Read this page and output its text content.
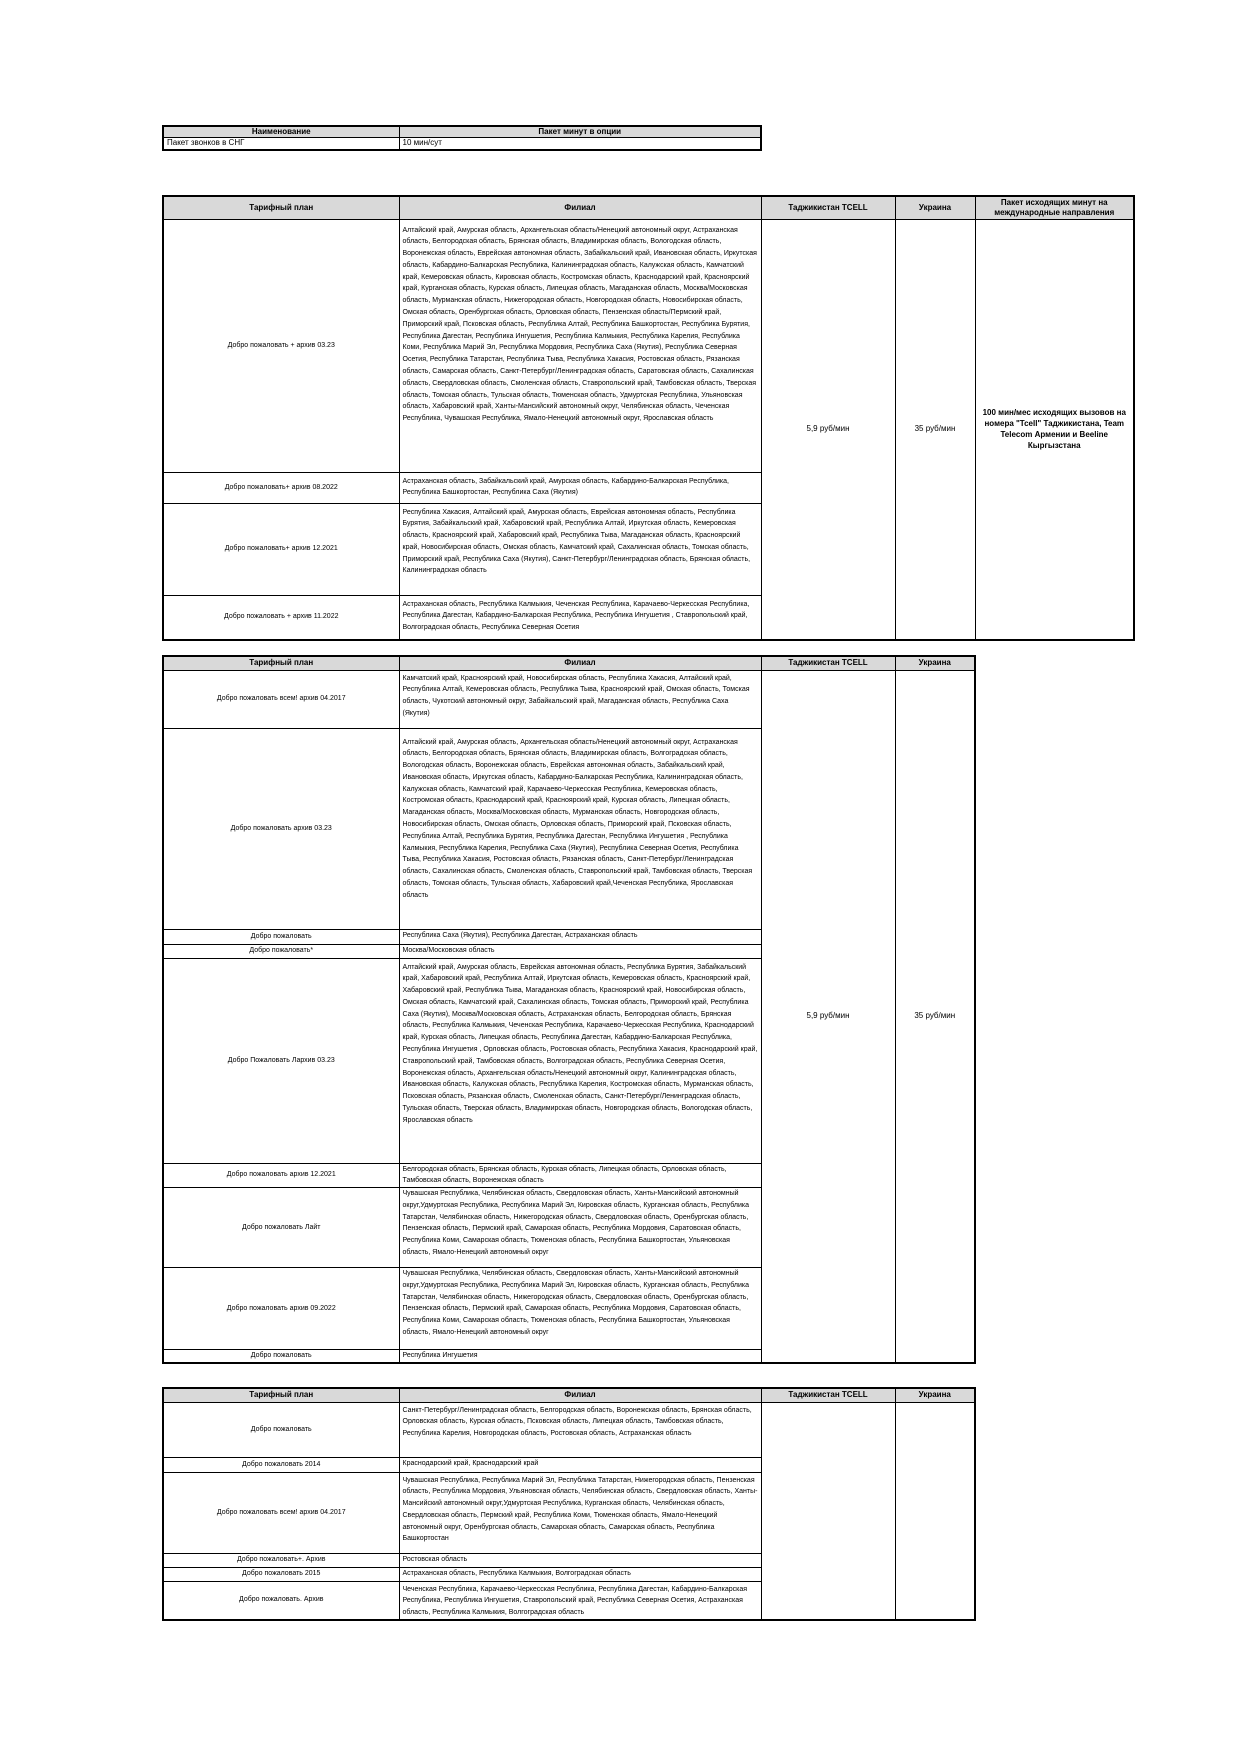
Наименование	Пакет минут в опции
Пакет звонков в СНГ	10 мин/сут
Тарифный план	Филиал	Таджикистан TCELL	Украина	Пакет исходящих минут на международные направления
Добро пожаловать + архив 03.23	Алтайский край, Амурская область, Архангельская область/Ненецкий автономный округ, Астраханская область, Белгородская область, Брянская область, Владимирская область, Вологодская область, Воронежская область, Еврейская автономная область, Забайкальский край, Ивановская область, Иркутская область, Кабардино-Балкарская Республика, Калининградская область, Калужская область, Камчатский край, Кемеровская область, Кировская область, Костромская область, Краснодарский край, Красноярский край, Курганская область, Курская область, Липецкая область, Магаданская область, Москва/Московская область, Мурманская область, Нижегородская область, Новгородская область, Новосибирская область, Омская область, Оренбургская область, Орловская область, Пензенская область/Пермский край, Приморский край, Псковская область, Республика Алтай, Республика Башкортостан, Республика Бурятия, Республика Дагестан, Республика Ингушетия, Республика Калмыкия, Республика Карелия, Республика Коми, Республика Марий Эл, Республика Мордовия, Республика Саха (Якутия), Республика Северная Осетия, Республика Татарстан, Республика Тыва, Республика Хакасия, Ростовская область, Рязанская область, Самарская область, Санкт-Петербург/Ленинградская область, Саратовская область, Сахалинская область, Свердловская область, Смоленская область, Ставропольский край, Тамбовская область, Тверская область, Томская область, Тульская область, Тюменская область, Удмуртская Республика, Ульяновская область, Хабаровский край, Ханты-Мансийский автономный округ, Челябинская область, Чеченская Республика, Чувашская Республика, Ямало-Ненецкий автономный округ, Ярославская область	5,9 руб/мин	35 руб/мин	100 мин/мес исходящих вызовов на номера "Tcell" Таджикистана, Team Telecom Армении и Beeline Кыргызстана
Добро пожаловать+ архив 08.2022	Астраханская область, Забайкальский край, Амурская область, Кабардино-Балкарская Республика, Республика Башкортостан, Республика Саха (Якутия)			
Добро пожаловать+ архив 12.2021	Республика Хакасия, Алтайский край, Амурская область, Еврейская автономная область, Республика Бурятия, Забайкальский край, Хабаровский край, Республика Алтай, Иркутская область, Кемеровская область, Красноярский край, Хабаровский край, Республика Тыва, Магаданская область, Красноярский край, Новосибирская область, Омская область, Камчатский край, Сахалинская область, Томская область, Приморский край, Республика Саха (Якутия), Санкт-Петербург/Ленинградская область, Брянская область, Калининградская область			
Добро пожаловать + архив 11.2022	Астраханская область, Республика Калмыкия, Чеченская Республика, Карачаево-Черкесская Республика, Республика Дагестан, Кабардино-Балкарская Республика, Республика Ингушетия , Ставропольский край, Волгоградская область, Республика Северная Осетия			
Тарифный план	Филиал	Таджикистан TCELL	Украина
Добро пожаловать всем! архив 04.2017	Камчатский край, Красноярский край, Новосибирская область, Республика Хакасия, Алтайский край, Республика Алтай, Кемеровская область, Республика Тыва, Красноярский край, Омская область, Томская область, Чукотский автономный округ, Забайкальский край, Магаданская область, Республика Саха (Якутия)	5,9 руб/мин	35 руб/мин
Добро пожаловать архив 03.23	Алтайский край, Амурская область, Архангельская область/Ненецкий автономный округ, Астраханская область, Белгородская область, Брянская область, Владимирская область, Волгоградская область, Вологодская область, Воронежская область, Еврейская автономная область, Забайкальский край, Ивановская область, Иркутская область, Кабардино-Балкарская Республика, Калининградская область, Калужская область, Камчатский край, Карачаево-Черкесская Республика, Кемеровская область, Костромская область, Краснодарский край, Красноярский край, Курская область, Липецкая область, Магаданская область, Москва/Московская область, Мурманская область, Новгородская область, Новосибирская область, Омская область, Орловская область, Приморский край, Псковская область, Республика Алтай, Республика Бурятия, Республика Дагестан, Республика Ингушетия , Республика Калмыкия, Республика Карелия, Республика Саха (Якутия), Республика Северная Осетия, Республика Тыва, Республика Хакасия, Ростовская область, Рязанская область, Санкт-Петербург/Ленинградская область, Сахалинская область, Смоленская область, Ставропольский край, Тамбовская область, Тверская область, Томская область, Тульская область, Хабаровский край,Чеченская Республика, Ярославская область		
Добро пожаловать	Республика Саха (Якутия), Республика Дагестан, Астраханская область		
Добро пожаловать*	Москва/Московская область		
Добро Пожаловать Лархив 03.23	Алтайский край, Амурская область, Еврейская автономная область, Республика Бурятия, Забайкальский край, Хабаровский край, Республика Алтай, Иркутская область, Кемеровская область, Красноярский край, Хабаровский край, Республика Тыва, Магаданская область, Красноярский край, Новосибирская область, Омская область, Камчатский край, Сахалинская область, Томская область, Приморский край, Республика Саха (Якутия), Москва/Московская область, Астраханская область, Белгородская область, Брянская область, Республика Калмыкия, Чеченская Республика, Карачаево-Черкесская Республика, Краснодарский край, Курская область, Липецкая область, Республика Дагестан, Кабардино-Балкарская Республика, Республика Ингушетия , Орловская область, Ростовская область, Республика Хакасия, Краснодарский край, Ставропольский край, Тамбовская область, Волгоградская область, Республика Северная Осетия, Воронежская область, Архангельская область/Ненецкий автономный округ, Калининградская область, Ивановская область, Калужская область, Республика Карелия, Костромская область, Мурманская область, Псковская область, Рязанская область, Смоленская область, Санкт-Петербург/Ленинградская область, Тульская область, Тверская область, Владимирская область, Новгородская область, Вологодская область, Ярославская область		
Добро пожаловать архив 12.2021	Белгородская область, Брянская область, Курская область, Липецкая область, Орловская область, Тамбовская область, Воронежская область		
Добро пожаловать Лайт	Чувашская Республика, Челябинская область, Свердловская область, Ханты-Мансийский автономный округ,Удмуртская Республика, Республика Марий Эл, Кировская область, Курганская область, Республика Татарстан, Челябинская область, Нижегородская область, Свердловская область, Оренбургская область, Пензенская область, Пермский край, Самарская область, Республика Мордовия, Саратовская область, Республика Коми, Самарская область, Тюменская область, Республика Башкортостан, Ульяновская область, Ямало-Ненецкий автономный округ		
Добро пожаловать архив 09.2022	Чувашская Республика, Челябинская область, Свердловская область, Ханты-Мансийский автономный округ,Удмуртская Республика, Республика Марий Эл, Кировская область, Курганская область, Республика Татарстан, Челябинская область, Нижегородская область, Свердловская область, Оренбургская область, Пензенская область, Пермский край, Самарская область, Республика Мордовия, Саратовская область, Республика Коми, Самарская область, Тюменская область, Республика Башкортостан, Ульяновская область, Ямало-Ненецкий автономный округ		
Добро пожаловать	Республика Ингушетия		
Тарифный план	Филиал	Таджикистан TCELL	Украина
Добро пожаловать	Санкт-Петербург/Ленинградская область, Белгородская область, Воронежская область, Брянская область, Орловская область, Курская область, Псковская область, Липецкая область, Тамбовская область, Республика Карелия, Новгородская область, Ростовская область, Астраханская область		
Добро пожаловать 2014	Краснодарский край, Краснодарский край		
Добро пожаловать всем! архив 04.2017	Чувашская Республика, Республика Марий Эл, Республика Татарстан, Нижегородская область, Пензенская область, Республика Мордовия, Ульяновская область, Челябинская область, Свердловская область, Ханты-Мансийский автономный округ,Удмуртская Республика, Курганская область, Челябинская область, Свердловская область, Пермский край, Республика Коми, Тюменская область, Ямало-Ненецкий автономный округ, Оренбургская область, Самарская область, Самарская область, Республика Башкортостан		
Добро пожаловать+. Архив	Ростовская область		
Добро пожаловать 2015	Астраханская область, Республика Калмыкия, Волгоградская область		
Добро пожаловать. Архив	Чеченская Республика, Карачаево-Черкесская Республика, Республика Дагестан, Кабардино-Балкарская Республика, Республика Ингушетия, Ставропольский край, Республика Северная Осетия, Астраханская область, Республика Калмыкия, Волгоградская область		
